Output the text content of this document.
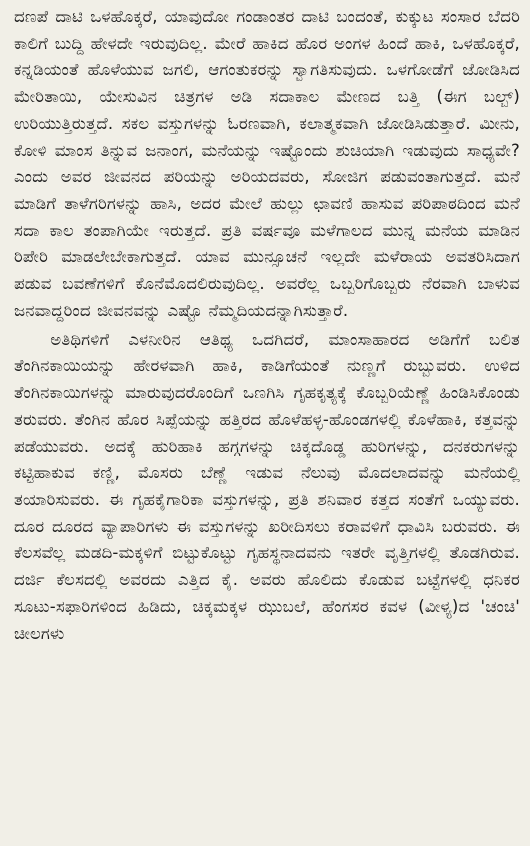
ದಣಪೆ ದಾಟಿ ಒಳಹೊಕ್ಕರೆ, ಯಾವುದೋ ಗಂಡಾಂತರ ದಾಟಿ ಬಂದಂತೆ, ಕುಕ್ಕುಟ ಸಂಸಾರ ಬೆದರಿ ಕಾಲಿಗೆ ಬುದ್ದಿ ಹೇಳದೇ ಇರುವುದಿಲ್ಲ. ಮೇರೆ ಹಾಕಿದ ಹೊರ ಅಂಗಳ ಹಿಂದೆ ಹಾಕಿ, ಒಳಹೊಕ್ಕರೆ, ಕನ್ನಡಿಯಂತೆ ಹೊಳೆಯುವ ಜಗಲಿ, ಆಗಂತುಕರನ್ನು ಸ್ವಾಗತಿಸುವುದು. ಒಳಗೋಡೆಗೆ ಜೋಡಿಸಿದ ಮೇರಿತಾಯಿ, ಯೇಸುವಿನ ಚಿತ್ರಗಳ ಅಡಿ ಸದಾಕಾಲ ಮೇಣದ ಬತ್ತಿ (ಈಗ ಬಲ್ಬ್) ಉರಿಯುತ್ತಿರುತ್ತದೆ. ಸಕಲ ವಸ್ತುಗಳನ್ನು ಓರಣವಾಗಿ, ಕಲಾತ್ಮಕವಾಗಿ ಜೋಡಿಸಿಡುತ್ತಾರೆ. ಮೀನು, ಕೋಳಿ ಮಾಂಸ ತಿನ್ನುವ ಜನಾಂಗ, ಮನೆಯನ್ನು ಇಷ್ಟೊಂದು ಶುಚಿಯಾಗಿ ಇಡುವುದು ಸಾಧ್ಯವೇ? ಎಂದು ಅವರ ಜೀವನದ ಪರಿಯನ್ನು ಅರಿಯದವರು, ಸೋಜಿಗ ಪಡುವಂತಾಗುತ್ತದೆ. ಮನೆ ಮಾಡಿಗೆ ತಾಳೆಗರಿಗಳನ್ನು ಹಾಸಿ, ಅದರ ಮೇಲೆ ಹುಲ್ಲು ಛಾವಣಿ ಹಾಸುವ ಪರಿಪಾಠದಿಂದ ಮನೆ ಸದಾ ಕಾಲ ತಂಪಾಗಿಯೇ ಇರುತ್ತದೆ. ಪ್ರತಿ ವರ್ಷವೂ ಮಳೆಗಾಲದ ಮುನ್ನ ಮನೆಯ ಮಾಡಿನ ರಿಪೇರಿ ಮಾಡಲೇಬೇಕಾಗುತ್ತದೆ. ಯಾವ ಮುನ್ಸೂಚನೆ ಇಲ್ಲದೇ ಮಳೆರಾಯ ಅವತರಿಸಿದಾಗ ಪಡುವ ಬವಣೆಗಳಿಗೆ ಕೊನೆಮೊದಲಿರುವುದಿಲ್ಲ. ಅವರೆಲ್ಲ ಒಬ್ಬರಿಗೊಬ್ಬರು ನೆರವಾಗಿ ಬಾಳುವ ಜನವಾದ್ದರಿಂದ ಜೀವನವನ್ನು ಎಷ್ಟೊ ನೆಮ್ಮದಿಯದನ್ನಾಗಿಸುತ್ತಾರೆ.

ಅತಿಥಿಗಳಿಗೆ ಎಳನೀರಿನ ಆತಿಥ್ಯ ಒದಗಿದರೆ, ಮಾಂಸಾಹಾರದ ಅಡಿಗೆಗೆ ಬಲಿತ ತೆಂಗಿನಕಾಯಿಯನ್ನು ಹೇರಳವಾಗಿ ಹಾಕಿ, ಕಾಡಿಗೆಯಂತೆ ನುಣ್ಣಗೆ ರುಬ್ಬುವರು. ಉಳಿದ ತೆಂಗಿನಕಾಯಿಗಳನ್ನು ಮಾರುವುದರೊಂದಿಗೆ ಒಣಗಿಸಿ ಗೃಹಕೃತ್ಯಕ್ಕೆ ಕೊಬ್ಬರಿಯೆಣ್ಣೆ ಹಿಂಡಿಸಿಕೊಂಡು ತರುವರು. ತೆಂಗಿನ ಹೊರ ಸಿಪ್ಪೆಯನ್ನು ಹತ್ತಿರದ ಹೊಳೆಹಳ್ಳ-ಹೊಂಡಗಳಲ್ಲಿ ಕೊಳೆಹಾಕಿ, ಕತ್ತವನ್ನು ಪಡೆಯುವರು. ಅದಕ್ಕೆ ಹುರಿಹಾಕಿ ಹಗ್ಗಗಳನ್ನು ಚಿಕ್ಕದೊಡ್ಡ ಹುರಿಗಳನ್ನು, ದನಕರುಗಳನ್ನು ಕಟ್ಟಿಹಾಕುವ ಕಣ್ಣಿ, ಮೊಸರು ಬೆಣ್ಣೆ ಇಡುವ ನೆಲುವು ಮೊದಲಾದವನ್ನು ಮನೆಯಲ್ಲಿ ತಯಾರಿಸುವರು. ಈ ಗೃಹಕೈಗಾರಿಕಾ ವಸ್ತುಗಳನ್ನು, ಪ್ರತಿ ಶನಿವಾರ ಕತ್ತದ ಸಂತೆಗೆ ಒಯ್ಯುವರು. ದೂರ ದೂರದ ವ್ಯಾಪಾರಿಗಳು ಈ ವಸ್ತುಗಳನ್ನು ಖರೀದಿಸಲು ಕರಾವಳಿಗೆ ಧಾವಿಸಿ ಬರುವರು. ಈ ಕೆಲಸವೆಲ್ಲ ಮಡದಿ-ಮಕ್ಕಳಿಗೆ ಬಿಟ್ಟುಕೊಟ್ಟು ಗೃಹಸ್ಥನಾದವನು ಇತರೇ ವೃತ್ತಿಗಳಲ್ಲಿ ತೊಡಗಿರುವ. ದರ್ಜಿ ಕೆಲಸದಲ್ಲಿ ಅವರದು ಎತ್ತಿದ ಕೈ. ಅವರು ಹೊಲಿದು ಕೊಡುವ ಬಟ್ಟೆಗಳಲ್ಲಿ ಧನಿಕರ ಸೂಟು-ಸಫಾರಿಗಳಿಂದ ಹಿಡಿದು, ಚಿಕ್ಕಮಕ್ಕಳ ಝುಬಲೆ, ಹೆಂಗಸರ ಕವಳ (ವೀಳ್ಯ)ದ 'ಚಂಚಿ' ಚೀಲಗಳು
